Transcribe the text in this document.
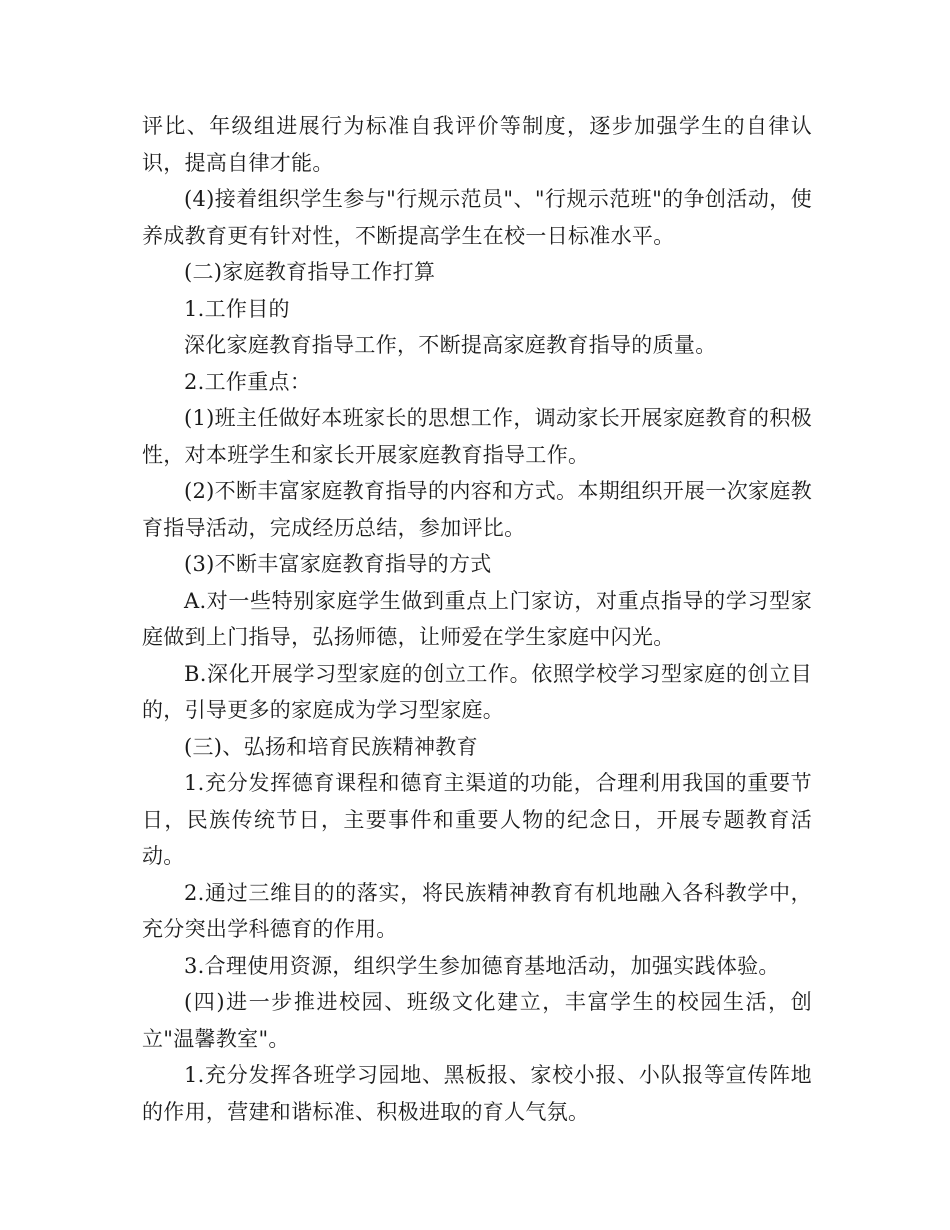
评比、年级组进展行为标准自我评价等制度，逐步加强学生的自律认识，提高自律才能。

(4)接着组织学生参与"行规示范员"、"行规示范班"的争创活动，使养成教育更有针对性，不断提高学生在校一日标准水平。

(二)家庭教育指导工作打算

1.工作目的

深化家庭教育指导工作，不断提高家庭教育指导的质量。

2.工作重点：

(1)班主任做好本班家长的思想工作，调动家长开展家庭教育的积极性，对本班学生和家长开展家庭教育指导工作。

(2)不断丰富家庭教育指导的内容和方式。本期组织开展一次家庭教育指导活动，完成经历总结，参加评比。

(3)不断丰富家庭教育指导的方式

A.对一些特别家庭学生做到重点上门家访，对重点指导的学习型家庭做到上门指导，弘扬师德，让师爱在学生家庭中闪光。

B.深化开展学习型家庭的创立工作。依照学校学习型家庭的创立目的，引导更多的家庭成为学习型家庭。

(三)、弘扬和培育民族精神教育

1.充分发挥德育课程和德育主渠道的功能，合理利用我国的重要节日，民族传统节日，主要事件和重要人物的纪念日，开展专题教育活动。

2.通过三维目的的落实，将民族精神教育有机地融入各科教学中，充分突出学科德育的作用。

3.合理使用资源，组织学生参加德育基地活动，加强实践体验。

(四)进一步推进校园、班级文化建立，丰富学生的校园生活，创立"温馨教室"。

1.充分发挥各班学习园地、黑板报、家校小报、小队报等宣传阵地的作用，营建和谐标准、积极进取的育人气氛。
